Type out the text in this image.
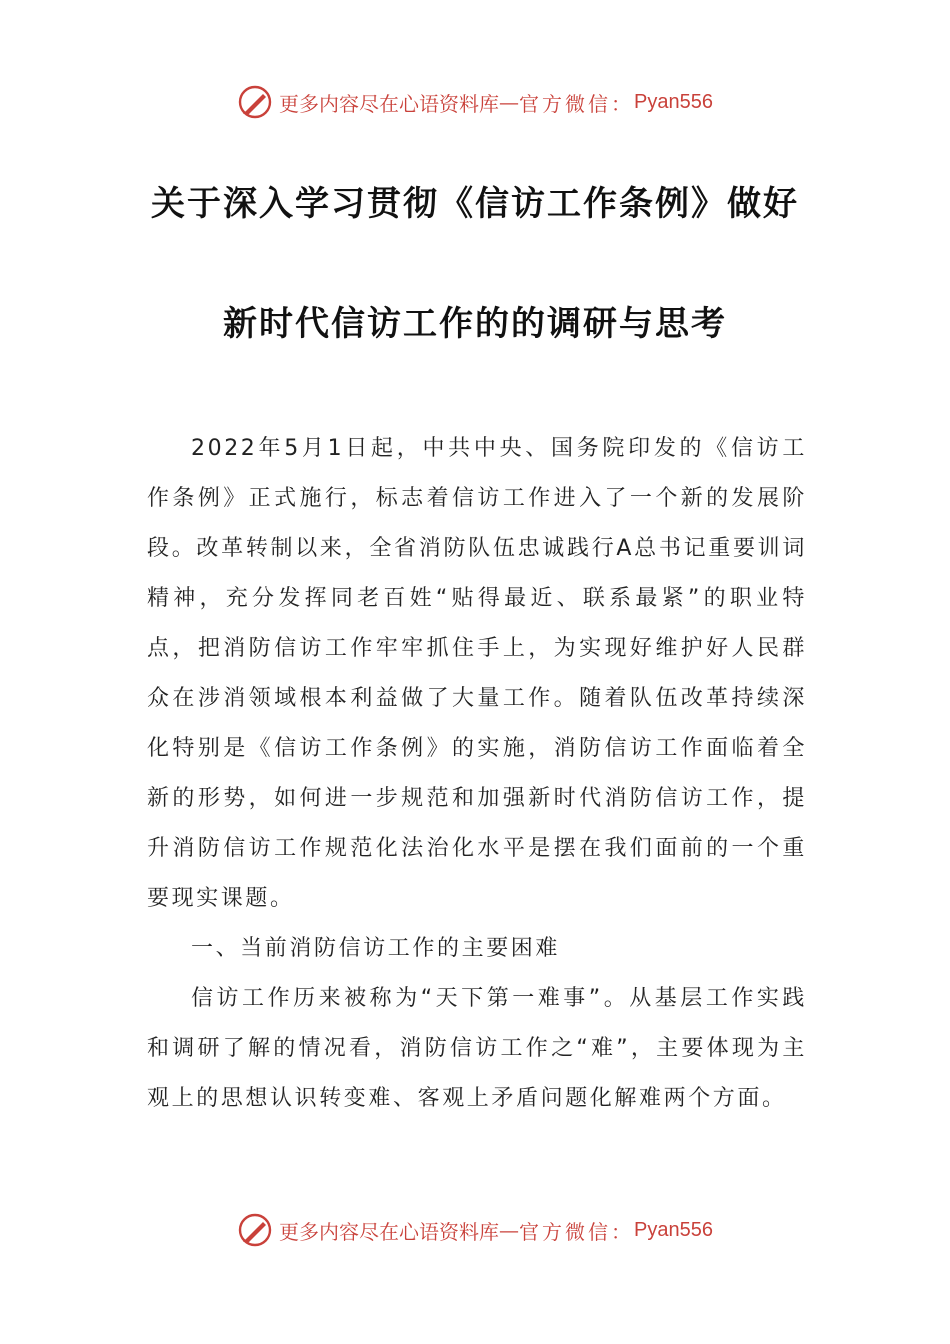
更多内容尽在心语资料库 — 官方微信： Pyan556
关于深入学习贯彻《信访工作条例》做好
新时代信访工作的的调研与思考

2022年5月1日起，中共中央、国务院印发的《信访工作条例》正式施行，标志着信访工作进入了一个新的发展阶段。改革转制以来，全省消防队伍忠诚践行A总书记重要训词精神，充分发挥同老百姓“贴得最近、联系最紧”的职业特点，把消防信访工作牢牢抓住手上，为实现好维护好人民群众在涉消领域根本利益做了大量工作。随着队伍改革持续深化特别是《信访工作条例》的实施，消防信访工作面临着全新的形势，如何进一步规范和加强新时代消防信访工作，提升消防信访工作规范化法治化水平是摆在我们面前的一个重要现实课题。

一、当前消防信访工作的主要困难

信访工作历来被称为“天下第一难事”。从基层工作实践和调研了解的情况看，消防信访工作之“难”，主要体现为主观上的思想认识转变难、客观上矛盾问题化解难两个方面。

更多内容尽在心语资料库 — 官方微信： Pyan556
